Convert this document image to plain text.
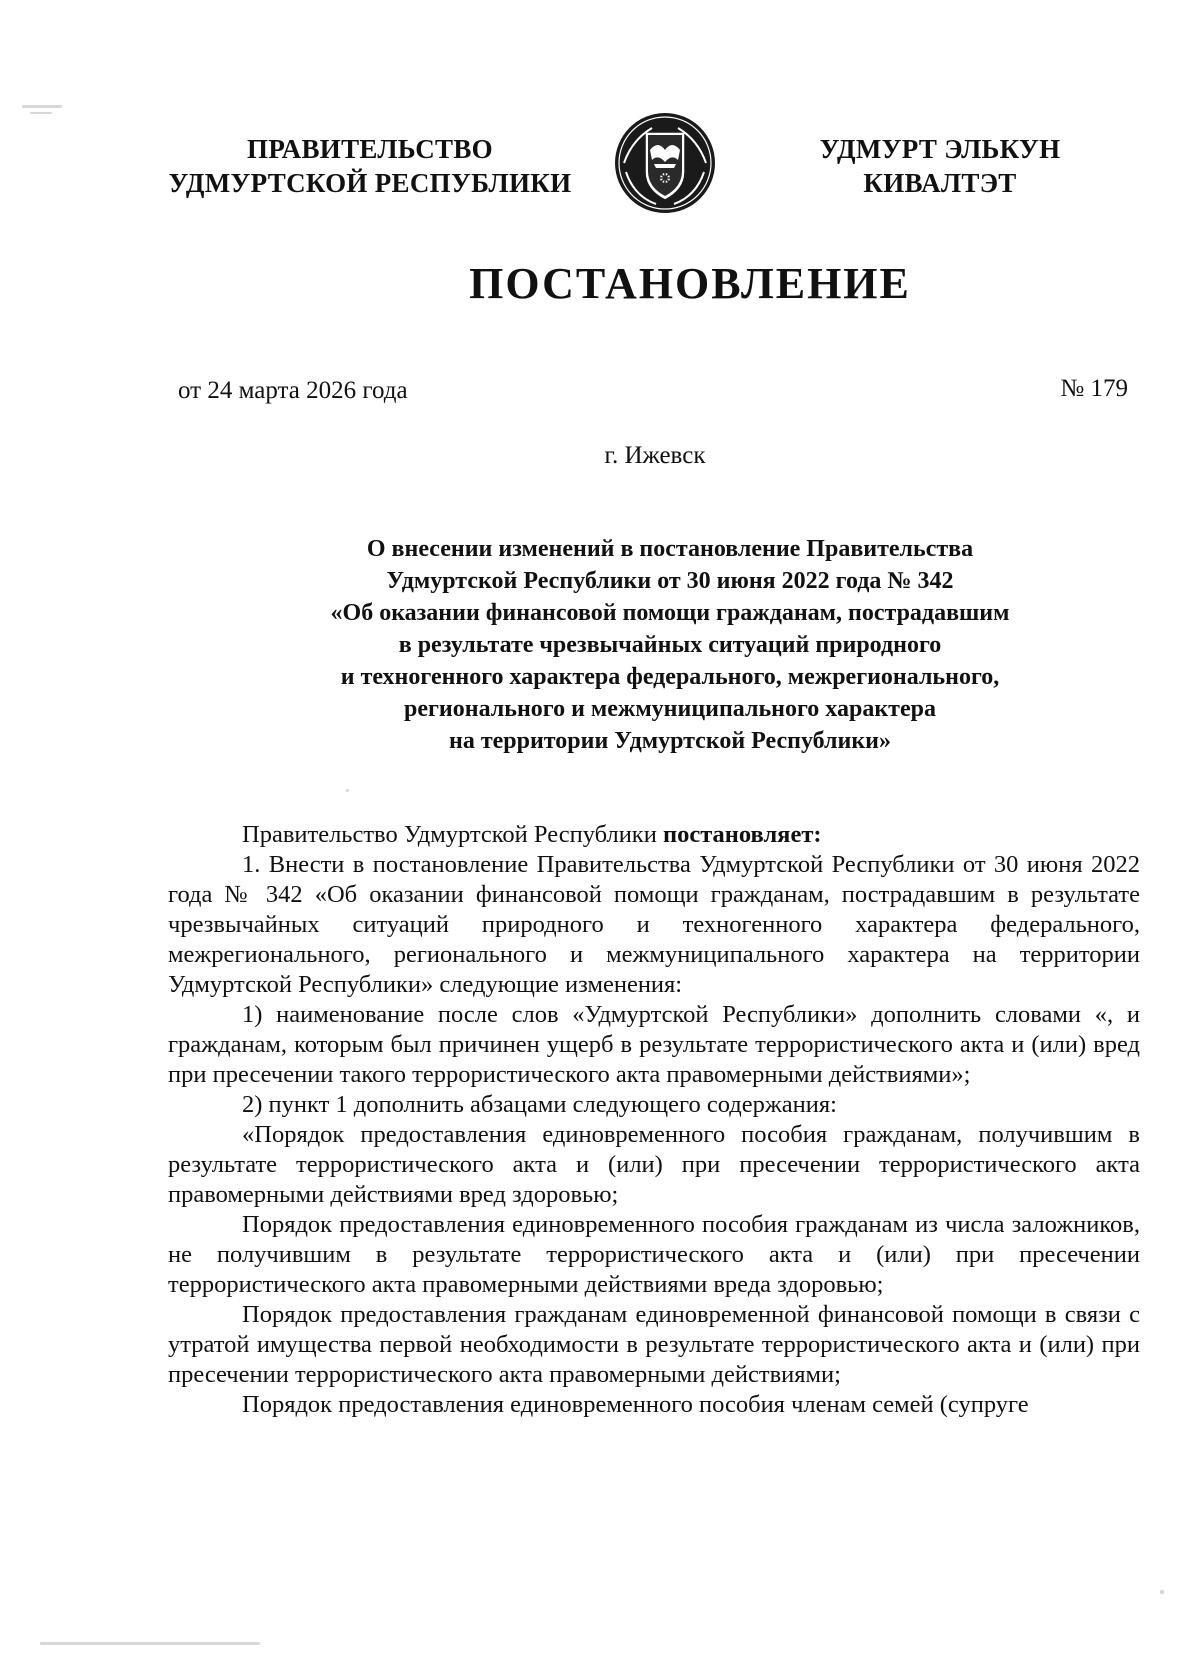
ПРАВИТЕЛЬСТВО
УДМУРТСКОЙ РЕСПУБЛИКИ
УДМУРТ ЭЛЬКУН
КИВАЛТЭТ
ПОСТАНОВЛЕНИЕ
от 24 марта 2026 года	№ 179
г. Ижевск
О внесении изменений в постановление Правительства
Удмуртской Республики от 30 июня 2022 года № 342
«Об оказании финансовой помощи гражданам, пострадавшим
в результате чрезвычайных ситуаций природного
и техногенного характера федерального, межрегионального,
регионального и межмуниципального характера
на территории Удмуртской Республики»

Правительство Удмуртской Республики постановляет:

1. Внести в постановление Правительства Удмуртской Республики от 30 июня 2022 года № 342 «Об оказании финансовой помощи гражданам, пострадавшим в результате чрезвычайных ситуаций природного и техногенного характера федерального, межрегионального, регионального и межмуниципального характера на территории Удмуртской Республики» следующие изменения:

1) наименование после слов «Удмуртской Республики» дополнить словами «, и гражданам, которым был причинен ущерб в результате террористического акта и (или) вред при пресечении такого террористического акта правомерными действиями»;

2) пункт 1 дополнить абзацами следующего содержания:

«Порядок предоставления единовременного пособия гражданам, получившим в результате террористического акта и (или) при пресечении террористического акта правомерными действиями вред здоровью;

Порядок предоставления единовременного пособия гражданам из числа заложников, не получившим в результате террористического акта и (или) при пресечении террористического акта правомерными действиями вреда здоровью;

Порядок предоставления гражданам единовременной финансовой помощи в связи с утратой имущества первой необходимости в результате террористического акта и (или) при пресечении террористического акта правомерными действиями;

Порядок предоставления единовременного пособия членам семей (супруге
